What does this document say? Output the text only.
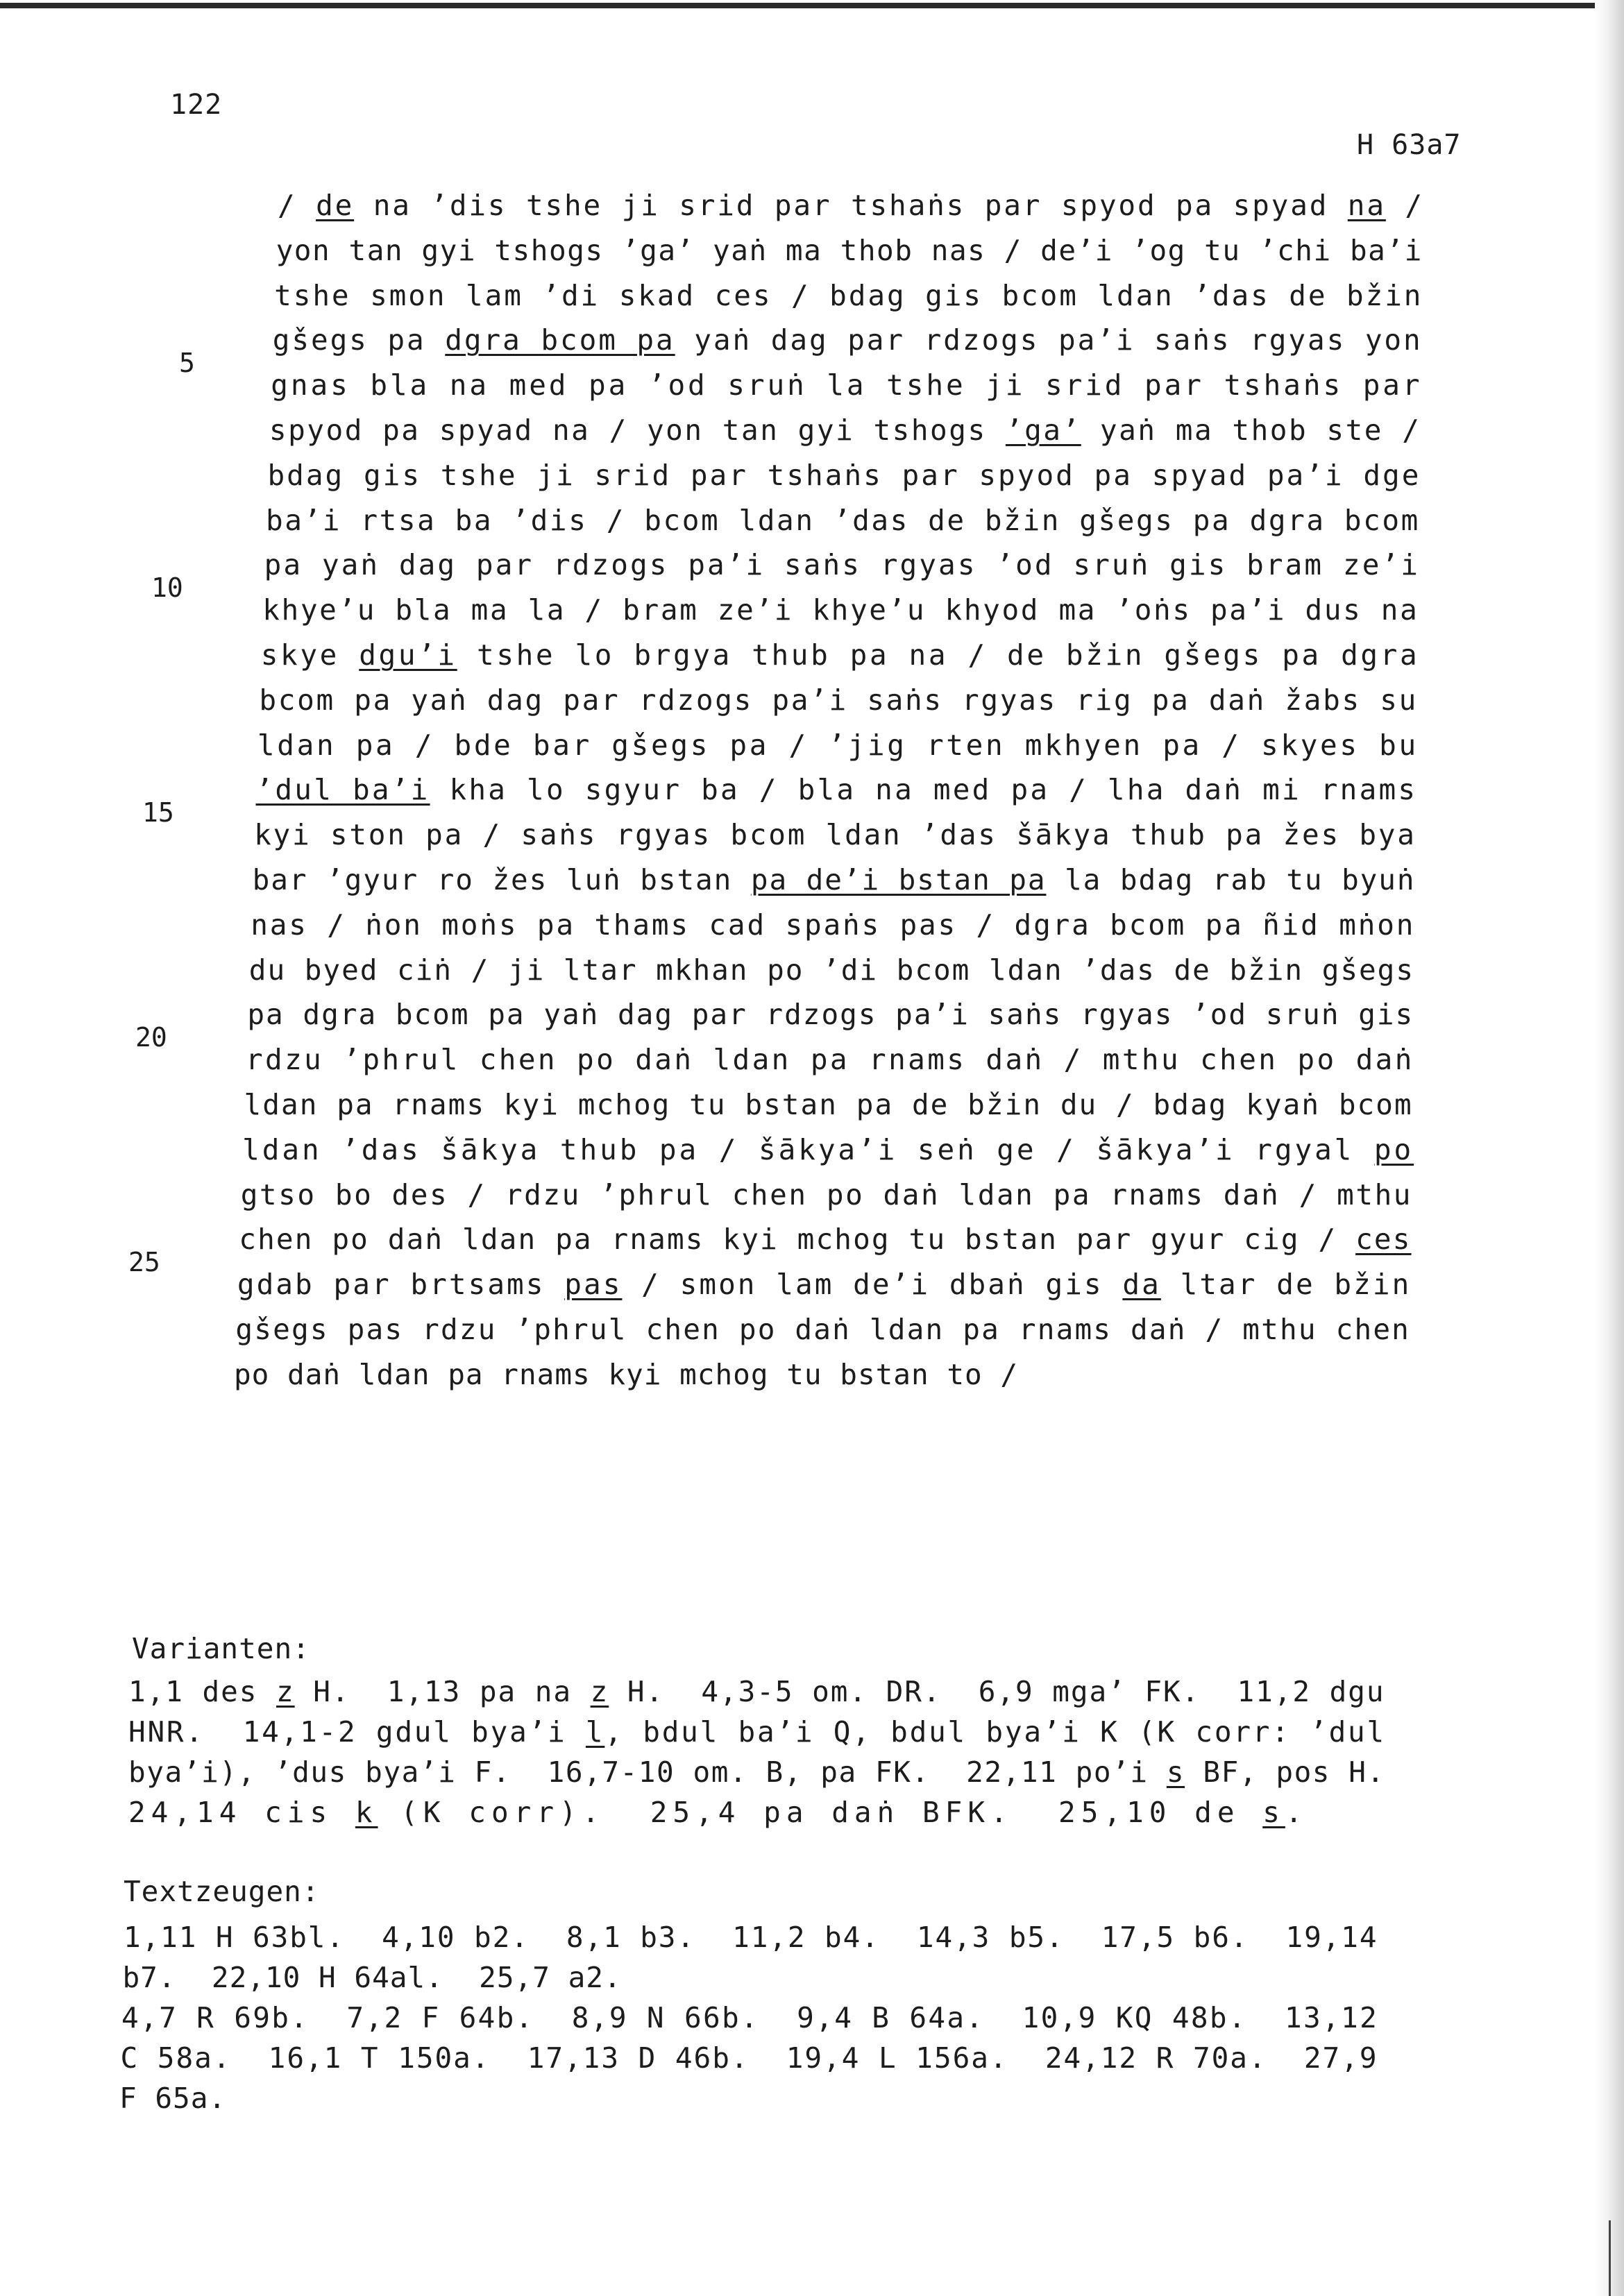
122

H 63a7

/ de na ’dis tshe ji srid par tshaṅs par spyod pa spyad na /

yon tan gyi tshogs ’ga’ yaṅ ma thob nas / de’i ’og tu ’chi ba’i

tshe smon lam ’di skad ces / bdag gis bcom ldan ’das de bžin

gšegs pa dgra bcom pa yaṅ dag par rdzogs pa’i saṅs rgyas yon

gnas bla na med pa ’od sruṅ la tshe ji srid par tshaṅs par

spyod pa spyad na / yon tan gyi tshogs ’ga’ yaṅ ma thob ste /

bdag gis tshe ji srid par tshaṅs par spyod pa spyad pa’i dge

ba’i rtsa ba ’dis / bcom ldan ’das de bžin gšegs pa dgra bcom

pa yaṅ dag par rdzogs pa’i saṅs rgyas ’od sruṅ gis bram ze’i

khye’u bla ma la / bram ze’i khye’u khyod ma ’oṅs pa’i dus na

skye dgu’i tshe lo brgya thub pa na / de bžin gšegs pa dgra

bcom pa yaṅ dag par rdzogs pa’i saṅs rgyas rig pa daṅ žabs su

ldan pa / bde bar gšegs pa / ’jig rten mkhyen pa / skyes bu

’dul ba’i kha lo sgyur ba / bla na med pa / lha daṅ mi rnams

kyi ston pa / saṅs rgyas bcom ldan ’das šākya thub pa žes bya

bar ’gyur ro žes luṅ bstan pa de’i bstan pa la bdag rab tu byuṅ

nas / ṅon moṅs pa thams cad spaṅs pas / dgra bcom pa ñid mṅon

du byed ciṅ / ji ltar mkhan po ’di bcom ldan ’das de bžin gšegs

pa dgra bcom pa yaṅ dag par rdzogs pa’i saṅs rgyas ’od sruṅ gis

rdzu ’phrul chen po daṅ ldan pa rnams daṅ / mthu chen po daṅ

ldan pa rnams kyi mchog tu bstan pa de bžin du / bdag kyaṅ bcom

ldan ’das šākya thub pa / šākya’i seṅ ge / šākya’i rgyal po

gtso bo des / rdzu ’phrul chen po daṅ ldan pa rnams daṅ / mthu

chen po daṅ ldan pa rnams kyi mchog tu bstan par gyur cig / ces

gdab par brtsams pas / smon lam de’i dbaṅ gis da ltar de bžin

gšegs pas rdzu ’phrul chen po daṅ ldan pa rnams daṅ / mthu chen

po daṅ ldan pa rnams kyi mchog tu bstan to /

5

10

15

20

25

Varianten:

1,1 des z H.  1,13 pa na z H.  4,3-5 om. DR.  6,9 mga’ FK.  11,2 dgu

HNR.  14,1-2 gdul bya’i l, bdul ba’i Q, bdul bya’i K (K corr: ’dul

bya’i), ’dus bya’i F.  16,7-10 om. B, pa FK.  22,11 po’i s BF, pos H.

24,14 cis k (K corr).  25,4 pa daṅ BFK.  25,10 de s.

Textzeugen:

1,11 H 63bl.  4,10 b2.  8,1 b3.  11,2 b4.  14,3 b5.  17,5 b6.  19,14

b7.  22,10 H 64al.  25,7 a2.

4,7 R 69b.  7,2 F 64b.  8,9 N 66b.  9,4 B 64a.  10,9 KQ 48b.  13,12

C 58a.  16,1 T 150a.  17,13 D 46b.  19,4 L 156a.  24,12 R 70a.  27,9

F 65a.
